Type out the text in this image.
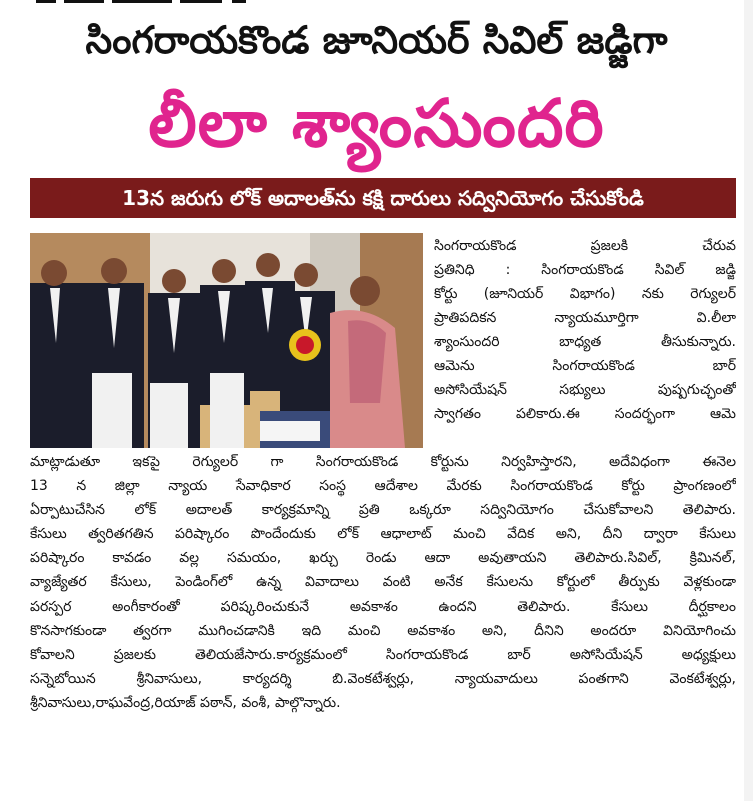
సింగరాయకొండ జూనియర్ సివిల్ జడ్జిగా
లీలా శ్యాంసుందరి
13న జరుగు లోక్ అదాలత్‌ను కక్షి దారులు సద్వినియోగం చేసుకోండి
సింగరాయకొండ ప్రజలకి చేరువ
ప్రతినిధి : సింగరాయకొండ సివిల్ జడ్జి
కోర్టు (జూనియర్ విభాగం) నకు రెగ్యులర్
ప్రాతిపదికన న్యాయమూర్తిగా వి.లీలా
శ్యాంసుందరి బాధ్యత తీసుకున్నారు.
ఆమెను సింగరాయకొండ బార్
అసోసియేషన్ సభ్యులు పుష్పగుచ్ఛంతో
స్వాగతం పలికారు.ఈ సందర్భంగా ఆమె
మాట్లాడుతూ ఇకపై రెగ్యులర్ గా సింగరాయకొండ కోర్టును నిర్వహిస్తారని, అదేవిధంగా ఈనెల
13 న జిల్లా న్యాయ సేవాధికార సంస్థ ఆదేశాల మేరకు సింగరాయకొండ కోర్టు ప్రాంగణంలో
ఏర్పాటుచేసిన లోక్ అదాలత్ కార్యక్రమాన్ని ప్రతి ఒక్కరూ సద్వినియోగం చేసుకోవాలని తెలిపారు.
కేసులు త్వరితగతిన పరిష్కారం పొందేందుకు లోక్ ఆధాలాట్ మంచి వేదిక అని, దీని ద్వారా కేసులు
పరిష్కారం కావడం వల్ల సమయం, ఖర్చు రెండు ఆదా అవుతాయని తెలిపారు.సివిల్, క్రిమినల్,
వ్యాజ్యేతర కేసులు, పెండింగ్‌లో ఉన్న వివాదాలు వంటి అనేక కేసులను కోర్టులో తీర్పుకు వెళ్లకుండా
పరస్పర అంగీకారంతో పరిష్కరించుకునే అవకాశం ఉందని తెలిపారు. కేసులు దీర్ఘకాలం
కొనసాగకుండా త్వరగా ముగించడానికి ఇది మంచి అవకాశం అని, దీనిని అందరూ వినియోగించు
కోవాలని ప్రజలకు తెలియజేసారు.కార్యక్రమంలో సింగరాయకొండ బార్ అసోసియేషన్ అధ్యక్షులు
సన్నెబోయిన శ్రీనివాసులు, కార్యదర్శి బి.వెంకటేశ్వర్లు, న్యాయవాదులు పంతగాని వెంకటేశ్వర్లు,
శ్రీనివాసులు,రాఘవేంద్ర,రియాజ్ పఠాన్, వంశీ, పాల్గొన్నారు.
